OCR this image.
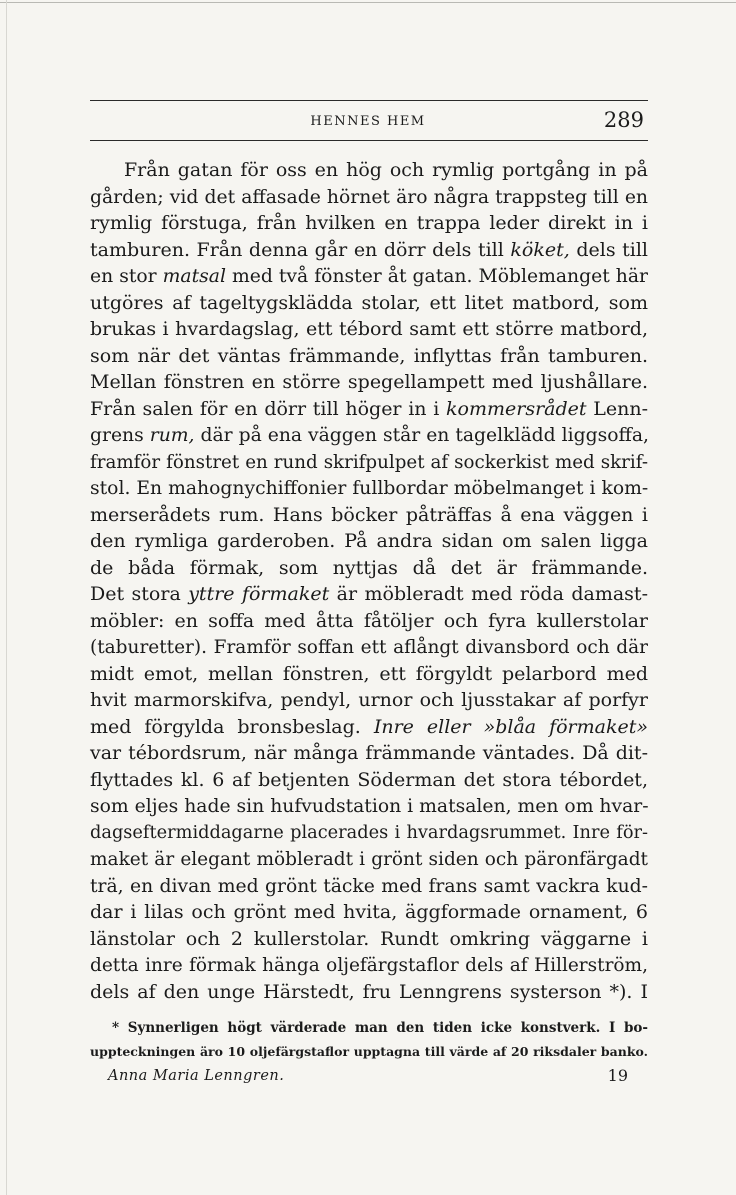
HENNES HEM	289
Från gatan för oss en hög och rymlig portgång in på
gården; vid det affasade hörnet äro några trappsteg till en
rymlig förstuga, från hvilken en trappa leder direkt in i
tamburen. Från denna går en dörr dels till köket, dels till
en stor matsal med två fönster åt gatan. Möblemanget här
utgöres af tageltygsklädda stolar, ett litet matbord, som
brukas i hvardagslag, ett tébord samt ett större matbord,
som när det väntas främmande, inflyttas från tamburen.
Mellan fönstren en större spegellampett med ljushållare.
Från salen för en dörr till höger in i kommersrådet Lenn-
grens rum, där på ena väggen står en tagelklädd liggsoffa,
framför fönstret en rund skrifpulpet af sockerkist med skrif-
stol. En mahognychiffonier fullbordar möbelmanget i kom-
merserådets rum. Hans böcker påträffas å ena väggen i
den rymliga garderoben. På andra sidan om salen ligga
de båda förmak, som nyttjas då det är främmande.
Det stora yttre förmaket är möbleradt med röda damast-
möbler: en soffa med åtta fåtöljer och fyra kullerstolar
(taburetter). Framför soffan ett aflångt divansbord och där
midt emot, mellan fönstren, ett förgyldt pelarbord med
hvit marmorskifva, pendyl, urnor och ljusstakar af porfyr
med förgylda bronsbeslag. Inre eller »blåa förmaket»
var tébordsrum, när många främmande väntades. Då dit-
flyttades kl. 6 af betjenten Söderman det stora tébordet,
som eljes hade sin hufvudstation i matsalen, men om hvar-
dagseftermiddagarne placerades i hvardagsrummet. Inre för-
maket är elegant möbleradt i grönt siden och päronfärgadt
trä, en divan med grönt täcke med frans samt vackra kud-
dar i lilas och grönt med hvita, äggformade ornament, 6
länstolar och 2 kullerstolar. Rundt omkring väggarne i
detta inre förmak hänga oljefärgstaflor dels af Hillerström,
dels af den unge Härstedt, fru Lenngrens systerson *). I
* Synnerligen högt värderade man den tiden icke konstverk. I bo-
uppteckningen äro 10 oljefärgstaflor upptagna till värde af 20 riksdaler banko.
Anna Maria Lenngren.	19
